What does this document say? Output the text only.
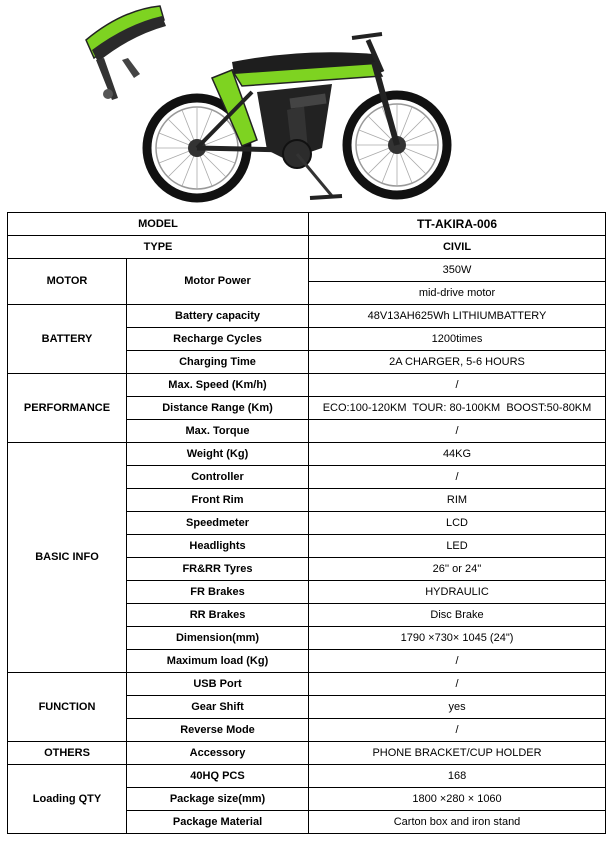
MODEL		TT-AKIRA-006
TYPE		CIVIL
MOTOR	Motor Power	350W
		mid-drive motor
BATTERY	Battery capacity	48V13AH625Wh LITHIUMBATTERY
	Recharge Cycles	1200times
	Charging Time	2A CHARGER, 5-6 HOURS
PERFORMANCE	Max. Speed (Km/h)	/
	Distance Range (Km)	ECO:100-120KM  TOUR: 80-100KM  BOOST:50-80KM
	Max. Torque	/
BASIC INFO	Weight (Kg)	44KG
	Controller	/
	Front Rim	RIM
	Speedmeter	LCD
	Headlights	LED
	FR&RR Tyres	26'' or 24''
	FR Brakes	HYDRAULIC
	RR Brakes	Disc Brake
	Dimension(mm)	1790 ×730× 1045 (24")
	Maximum load (Kg)	/
FUNCTION	USB Port	/
	Gear Shift	yes
	Reverse Mode	/
OTHERS	Accessory	PHONE BRACKET/CUP HOLDER
Loading QTY	40HQ PCS	168
	Package size(mm)	1800 ×280 × 1060
	Package Material	Carton box and iron stand
